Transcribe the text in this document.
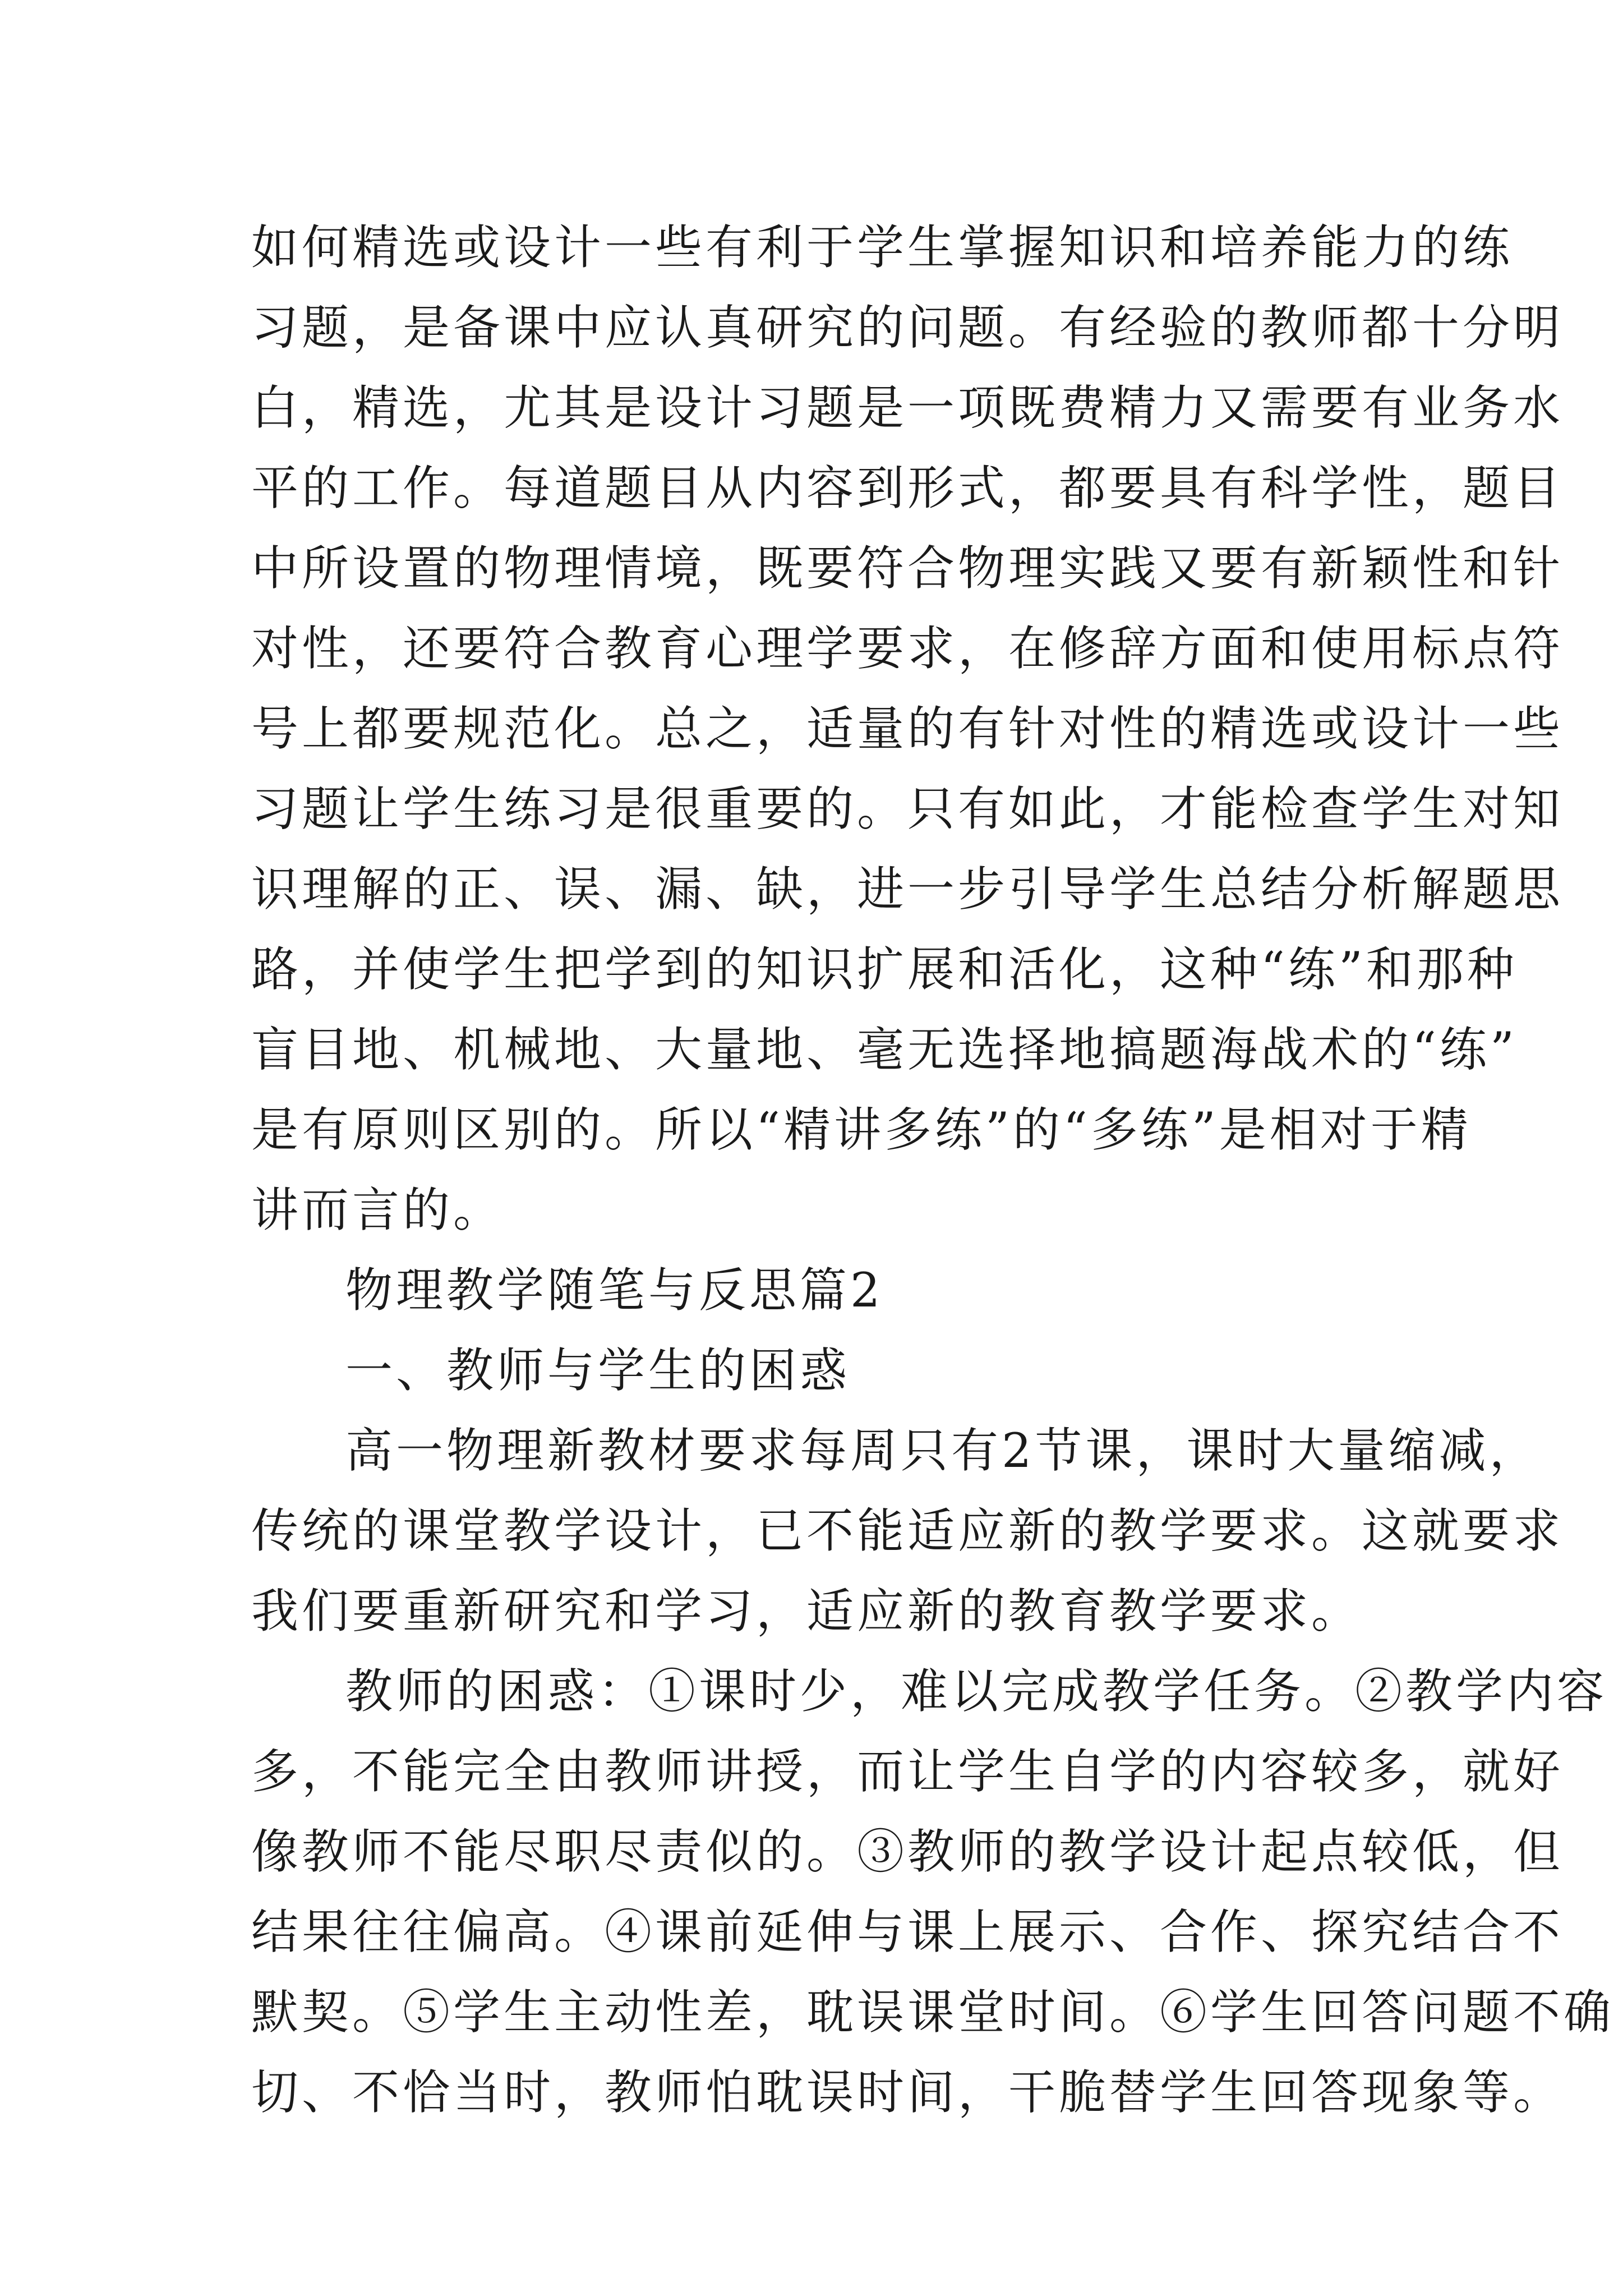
如何精选或设计一些有利于学生掌握知识和培养能力的练
习题，是备课中应认真研究的问题。有经验的教师都十分明
白，精选，尤其是设计习题是一项既费精力又需要有业务水
平的工作。每道题目从内容到形式，都要具有科学性，题目
中所设置的物理情境，既要符合物理实践又要有新颖性和针
对性，还要符合教育心理学要求，在修辞方面和使用标点符
号上都要规范化。总之，适量的有针对性的精选或设计一些
习题让学生练习是很重要的。只有如此，才能检查学生对知
识理解的正、误、漏、缺，进一步引导学生总结分析解题思
路，并使学生把学到的知识扩展和活化，这种“练”和那种
盲目地、机械地、大量地、毫无选择地搞题海战术的“练”
是有原则区别的。所以“精讲多练”的“多练”是相对于精
讲而言的。
物理教学随笔与反思篇2
一、教师与学生的困惑
高一物理新教材要求每周只有2节课，课时大量缩减，
传统的课堂教学设计，已不能适应新的教学要求。这就要求
我们要重新研究和学习，适应新的教育教学要求。
教师的困惑：①课时少，难以完成教学任务。②教学内容
多，不能完全由教师讲授，而让学生自学的内容较多，就好
像教师不能尽职尽责似的。③教师的教学设计起点较低，但
结果往往偏高。④课前延伸与课上展示、合作、探究结合不
默契。⑤学生主动性差，耽误课堂时间。⑥学生回答问题不确
切、不恰当时，教师怕耽误时间，干脆替学生回答现象等。
